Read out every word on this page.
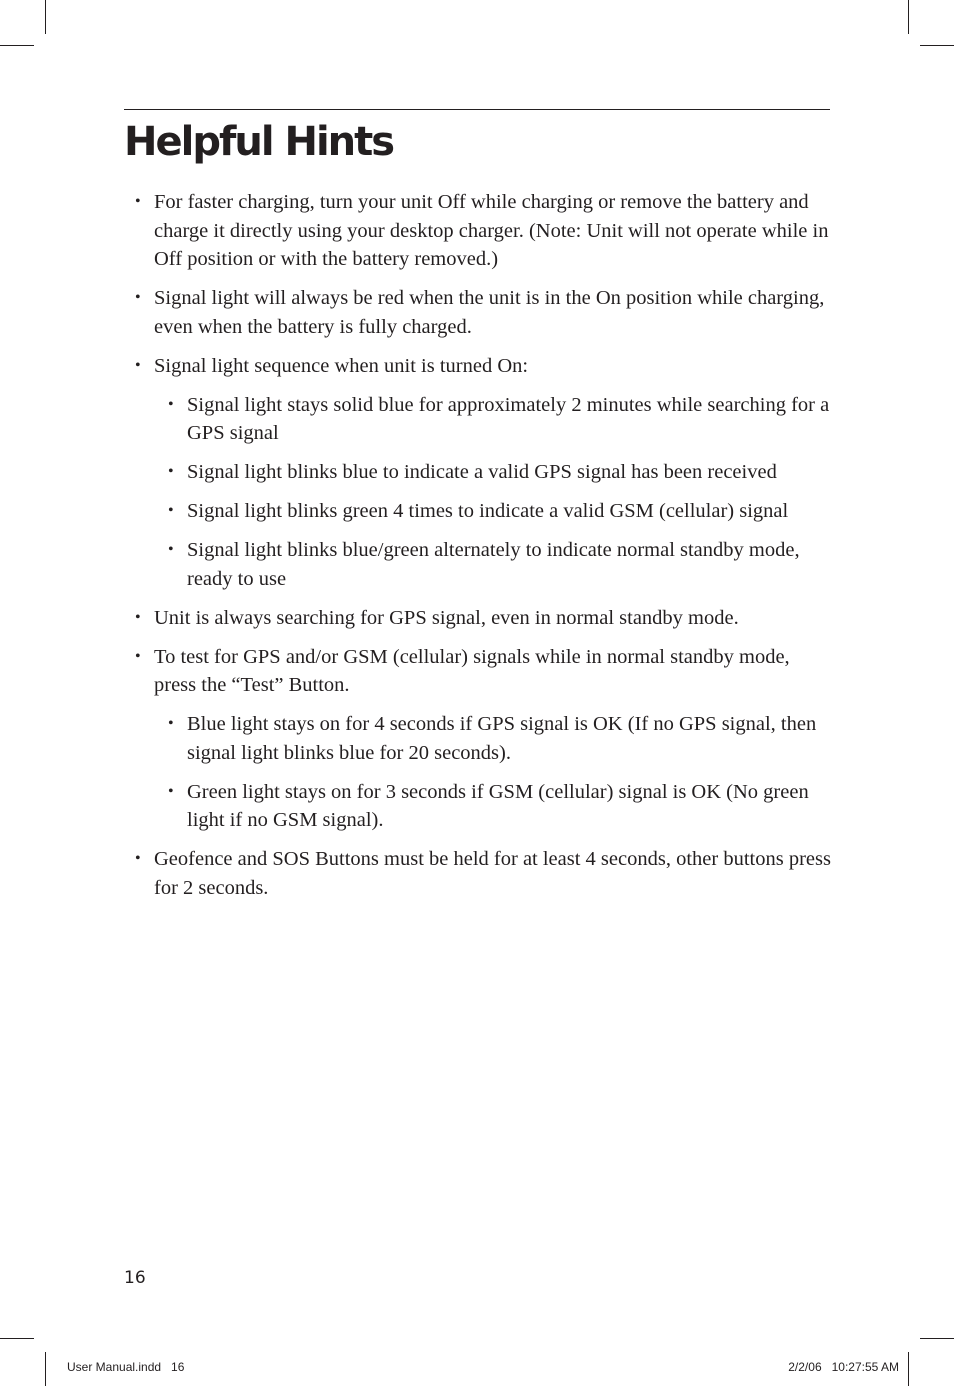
Helpful Hints
• For faster charging, turn your unit Off while charging or remove the battery and charge it directly using your desktop charger. (Note: Unit will not operate while in Off position or with the battery removed.)
• Signal light will always be red when the unit is in the On position while charging, even when the battery is fully charged.
• Signal light sequence when unit is turned On:
• Signal light stays solid blue for approximately 2 minutes while searching for a GPS signal
• Signal light blinks blue to indicate a valid GPS signal has been received
• Signal light blinks green 4 times to indicate a valid GSM (cellular) signal
• Signal light blinks blue/green alternately to indicate normal standby mode, ready to use
• Unit is always searching for GPS signal, even in normal standby mode.
• To test for GPS and/or GSM (cellular) signals while in normal standby mode, press the “Test” Button.
• Blue light stays on for 4 seconds if GPS signal is OK (If no GPS signal, then signal light blinks blue for 20 seconds).
• Green light stays on for 3 seconds if GSM (cellular) signal is OK (No green light if no GSM signal).
• Geofence and SOS Buttons must be held for at least 4 seconds, other buttons press for 2 seconds.
16
User Manual.indd   16	2/2/06   10:27:55 AM
